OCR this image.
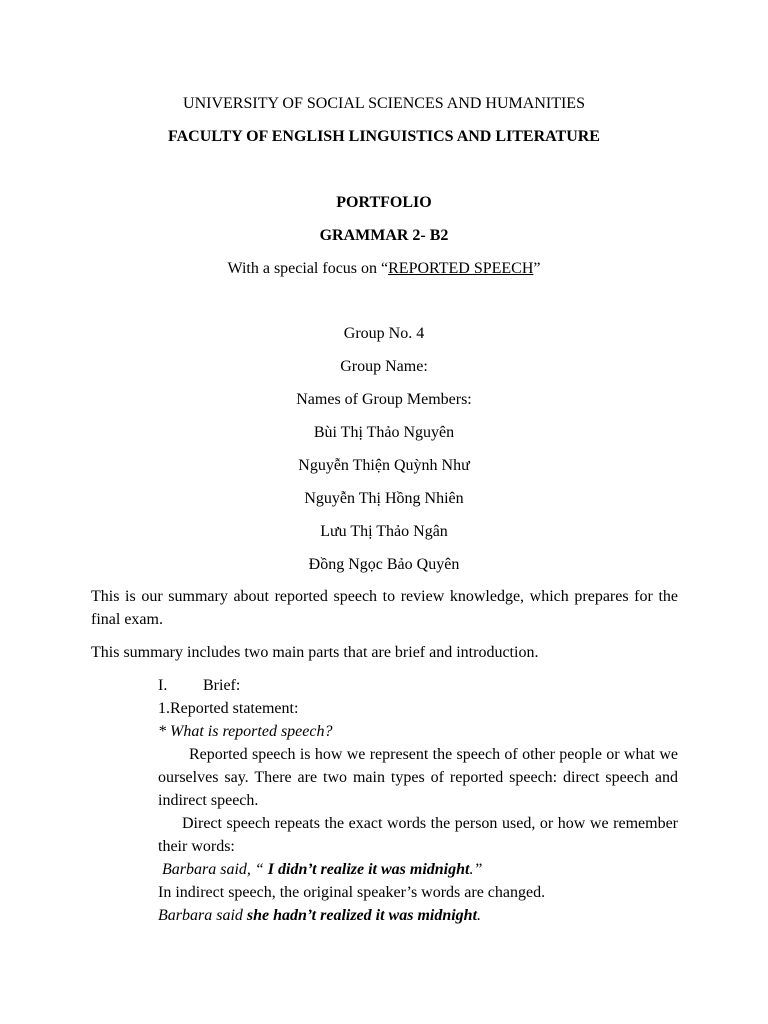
UNIVERSITY OF SOCIAL SCIENCES AND HUMANITIES
FACULTY OF ENGLISH LINGUISTICS AND LITERATURE
PORTFOLIO
GRAMMAR 2- B2
With a special focus on “REPORTED SPEECH”
Group No. 4
Group Name:
Names of Group Members:
Bùi Thị Thảo Nguyên
Nguyễn Thiện Quỳnh Như
Nguyễn Thị Hồng Nhiên
Lưu Thị Thảo Ngân
Đồng Ngọc Bảo Quyên
This is our summary about reported speech to review knowledge, which prepares for the final exam.
This summary includes two main parts that are brief and introduction.
I. Brief:
1.Reported statement:
* What is reported speech?
Reported speech is how we represent the speech of other people or what we ourselves say. There are two main types of reported speech: direct speech and indirect speech.
Direct speech repeats the exact words the person used, or how we remember their words:
Barbara said, “ I didn’t realize it was midnight.”
In indirect speech, the original speaker’s words are changed.
Barbara said she hadn’t realized it was midnight.
